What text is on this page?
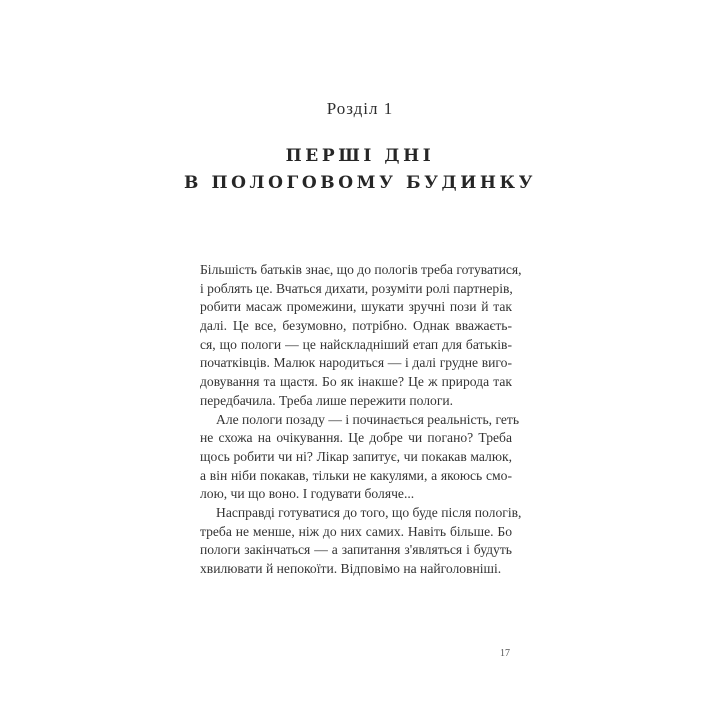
Розділ 1
ПЕРШІ ДНІ
В ПОЛОГОВОМУ БУДИНКУ
Більшість батьків знає, що до пологів треба готуватися,
і роблять це. Вчаться дихати, розуміти ролі партнерів,
робити масаж промежини, шукати зручні пози й так
далі. Це все, безумовно, потрібно. Однак вважаєть-
ся, що пологи — це найскладніший етап для батьків-
початківців. Малюк народиться — і далі грудне виго-
довування та щастя. Бо як інакше? Це ж природа так
передбачила. Треба лише пережити пологи.
Але пологи позаду — і починається реальність, геть
не схожа на очікування. Це добре чи погано? Треба
щось робити чи ні? Лікар запитує, чи покакав малюк,
а він ніби покакав, тільки не какулями, а якоюсь смо-
лою, чи що воно. І годувати боляче...
Насправді готуватися до того, що буде після пологів,
треба не менше, ніж до них самих. Навіть більше. Бо
пологи закінчаться — а запитання з'являться і будуть
хвилювати й непокоїти. Відповімо на найголовніші.
17
